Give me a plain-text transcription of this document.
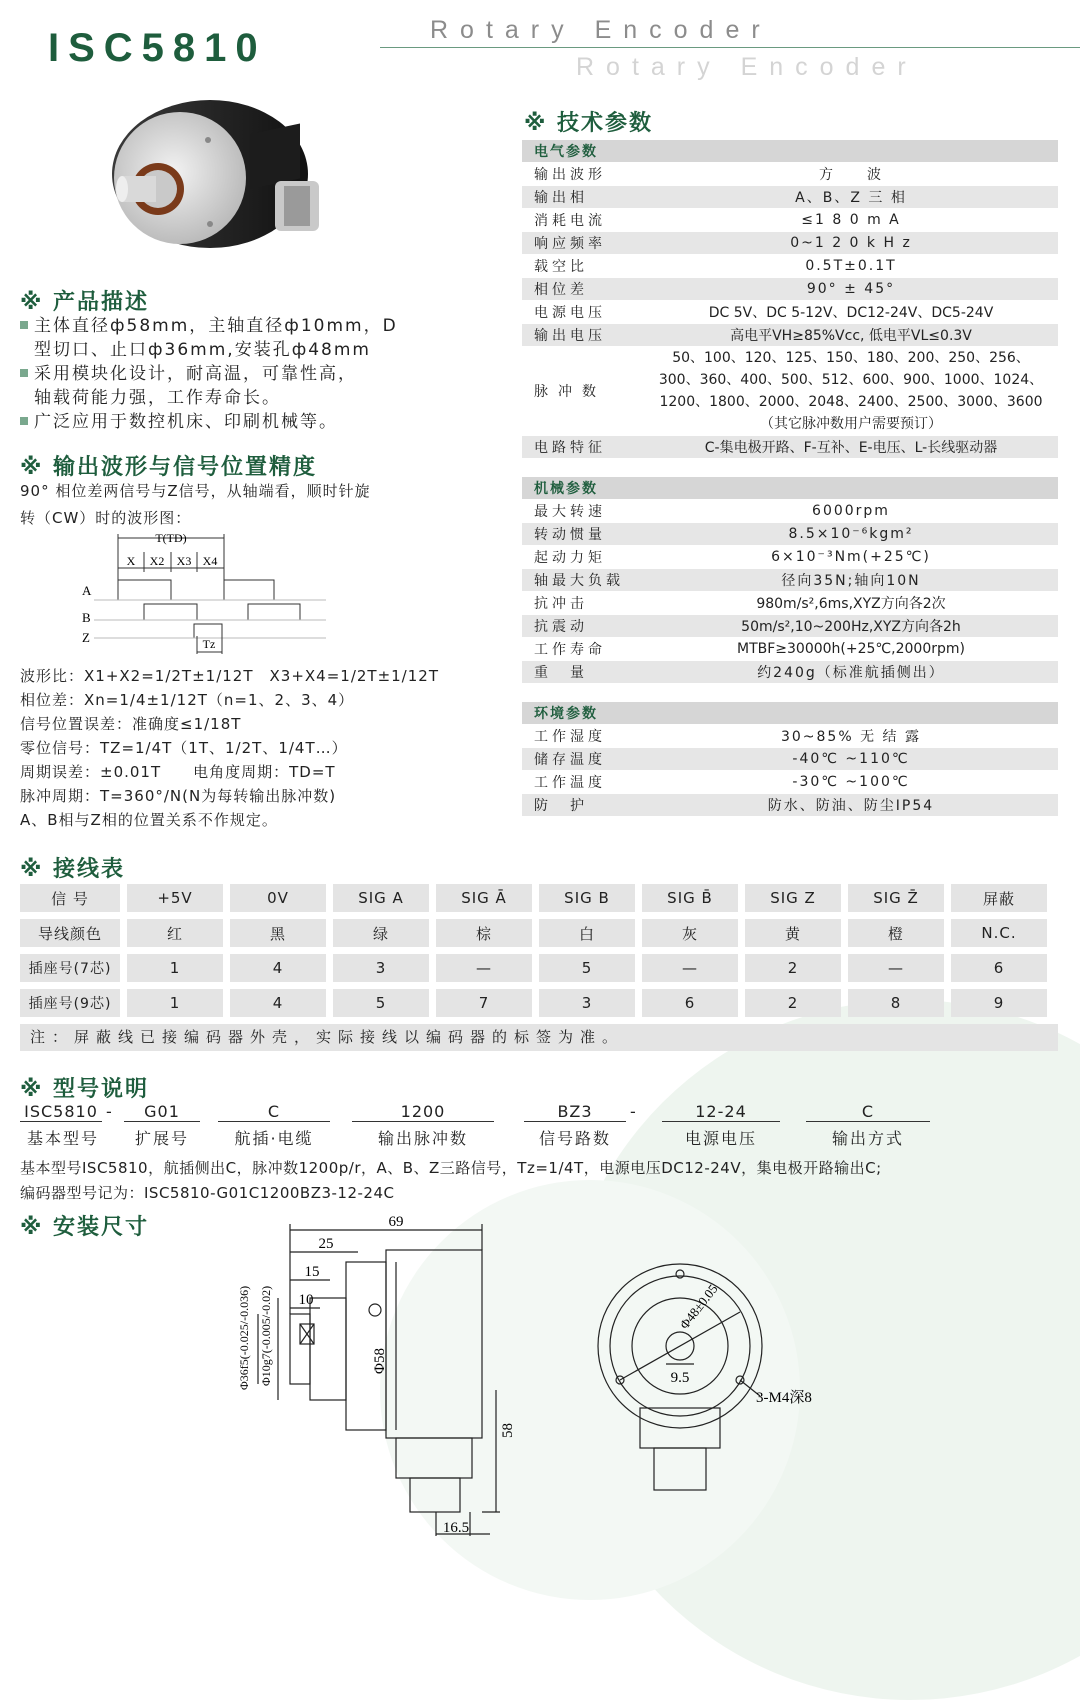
ISC5810	Rotary Encoder
Rotary Encoder
※ 产品描述
主体直径ф58mm，主轴直径ф10mm，D
型切口、止口ф36mm,安装孔ф48mm
采用模块化设计，耐高温，可靠性高，
轴载荷能力强，工作寿命长。
广泛应用于数控机床、印刷机械等。
※ 输出波形与信号位置精度
90° 相位差两信号与Z信号，从轴端看，顺时针旋
转（CW）时的波形图：
T(TD)
X X2 X3 X4
A
B
Z	Tz
波形比：X1+X2=1/2T±1/12T　X3+X4=1/2T±1/12T
相位差：Xn=1/4±1/12T（n=1、2、3、4）
信号位置误差：准确度≤1/18T
零位信号：TZ=1/4T（1T、1/2T、1/4T…）
周期误差：±0.01T　　电角度周期：TD=T
脉冲周期：T=360°/N(N为每转输出脉冲数)
A、B相与Z相的位置关系不作规定。
※ 技术参数
电气参数
输出波形	方　　波
输出相	A、B、Z 三 相
消耗电流	≤1 8 0 m A
响应频率	0~1 2 0 k H z
载空比	0.5T±0.1T
相位差	90° ± 45°
电源电压	DC 5V、DC 5-12V、DC12-24V、DC5-24V
输出电压	高电平VH≥85%Vcc, 低电平VL≤0.3V
脉冲数
50、100、120、125、150、180、200、250、256、
300、360、400、500、512、600、900、1000、1024、
1200、1800、2000、2048、2400、2500、3000、3600
（其它脉冲数用户需要预订）
电路特征	C-集电极开路、F-互补、E-电压、L-长线驱动器
机械参数
最大转速	6000rpm
转动惯量	8.5×10⁻⁶kgm²
起动力矩	6×10⁻³Nm(+25℃)
轴最大负载	径向35N;轴向10N
抗冲击	980m/s²,6ms,XYZ方向各2次
抗震动	50m/s²,10~200Hz,XYZ方向各2h
工作寿命	MTBF≥30000h(+25℃,2000rpm)
重量	约240g（标准航插侧出）
环境参数
工作湿度	30~85% 无 结 露
储存温度	-40℃ ~110℃
工作温度	-30℃ ~100℃
防护	防水、防油、防尘IP54
※ 接线表
信 号	+5V	0V	SIG A	SIG Ā	SIG B	SIG B̄	SIG Z	SIG Z̄	屏蔽
导线颜色	红	黑	绿	棕	白	灰	黄	橙	N.C.
插座号(7芯)	1	4	3	—	5	—	2	—	6
插座号(9芯)	1	4	5	7	3	6	2	8	9
注：屏蔽线已接编码器外壳，实际接线以编码器的标签为准。
※ 型号说明
ISC5810
基本型号
-	G01
扩展号
C
航插·电缆
1200
输出脉冲数
BZ3
信号路数
-	12-24
电源电压
C
输出方式
基本型号ISC5810，航插侧出C，脉冲数1200p/r，A、B、Z三路信号，Tz=1/4T，电源电压DC12-24V，集电极开路输出C;
编码器型号记为：ISC5810-G01C1200BZ3-12-24C
※ 安装尺寸	69
25
15
10
Φ36f5(-0.025/-0.036) Φ10g7(-0.005/-0.02)	Φ58
58
16.5
Φ48±0.05
9.5
3-M4深8
